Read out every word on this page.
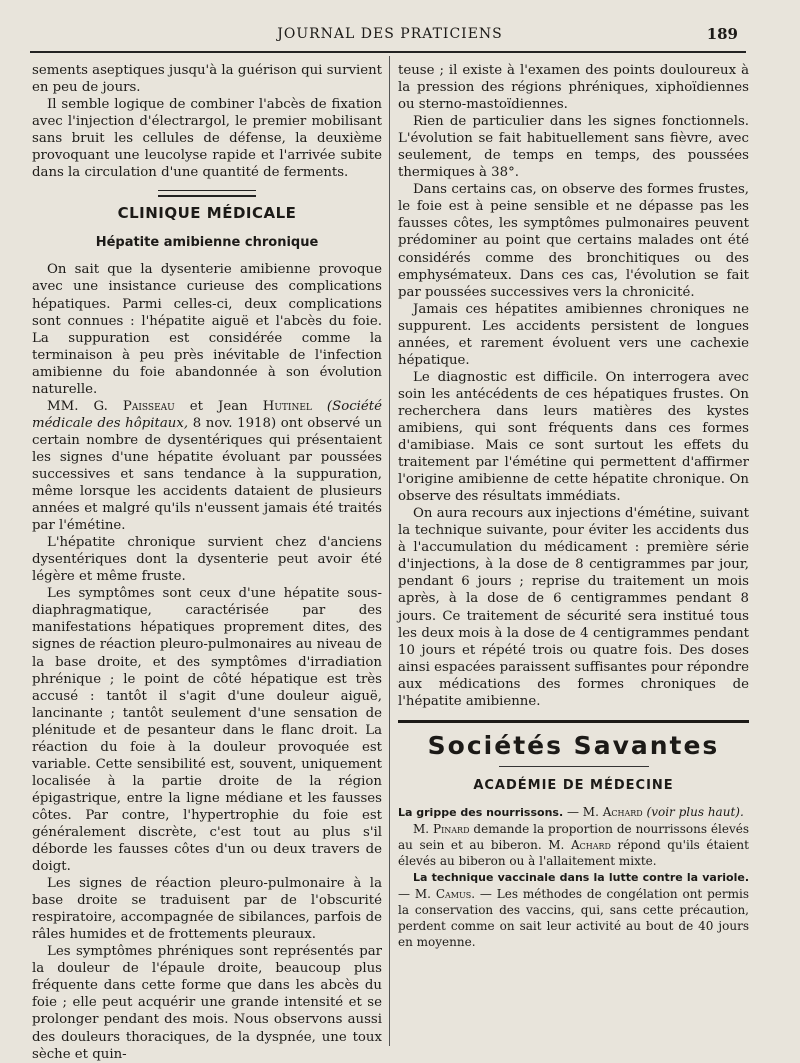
JOURNAL DES PRATICIENS	189

sements aseptiques jusqu'à la guérison qui survient en peu de jours.

Il semble logique de combiner l'abcès de fixation avec l'injection d'électrargol, le premier mobilisant sans bruit les cellules de défense, la deuxième provoquant une leucolyse rapide et l'arrivée subite dans la circulation d'une quantité de ferments.

CLINIQUE MÉDICALE
Hépatite amibienne chronique

On sait que la dysenterie amibienne provoque avec une insistance curieuse des complications hépatiques. Parmi celles-ci, deux complications sont connues : l'hépatite aiguë et l'abcès du foie. La suppuration est considérée comme la terminaison à peu près inévitable de l'infection amibienne du foie abandonnée à son évolution naturelle.

MM. G. Paisseau et Jean Hutinel (Société médicale des hôpitaux, 8 nov. 1918) ont observé un certain nombre de dysentériques qui présentaient les signes d'une hépatite évoluant par poussées successives et sans tendance à la suppuration, même lorsque les accidents dataient de plusieurs années et malgré qu'ils n'eussent jamais été traités par l'émétine.

L'hépatite chronique survient chez d'anciens dysentériques dont la dysenterie peut avoir été légère et même fruste.

Les symptômes sont ceux d'une hépatite sous-diaphragmatique, caractérisée par des manifestations hépatiques proprement dites, des signes de réaction pleuro-pulmonaires au niveau de la base droite, et des symptômes d'irradiation phrénique ; le point de côté hépatique est très accusé : tantôt il s'agit d'une douleur aiguë, lancinante ; tantôt seulement d'une sensation de plénitude et de pesanteur dans le flanc droit. La réaction du foie à la douleur provoquée est variable. Cette sensibilité est, souvent, uniquement localisée à la partie droite de la région épigastrique, entre la ligne médiane et les fausses côtes. Par contre, l'hypertrophie du foie est généralement discrète, c'est tout au plus s'il déborde les fausses côtes d'un ou deux travers de doigt.

Les signes de réaction pleuro-pulmonaire à la base droite se traduisent par de l'obscurité respiratoire, accompagnée de sibilances, parfois de râles humides et de frottements pleuraux.

Les symptômes phréniques sont représentés par la douleur de l'épaule droite, beaucoup plus fréquente dans cette forme que dans les abcès du foie ; elle peut acquérir une grande intensité et se prolonger pendant des mois. Nous observons aussi des douleurs thoraciques, de la dyspnée, une toux sèche et quin-

teuse ; il existe à l'examen des points douloureux à la pression des régions phréniques, xiphoïdiennes ou sterno-mastoïdiennes.

Rien de particulier dans les signes fonctionnels. L'évolution se fait habituellement sans fièvre, avec seulement, de temps en temps, des poussées thermiques à 38°.

Dans certains cas, on observe des formes frustes, le foie est à peine sensible et ne dépasse pas les fausses côtes, les symptômes pulmonaires peuvent prédominer au point que certains malades ont été considérés comme des bronchitiques ou des emphysémateux. Dans ces cas, l'évolution se fait par poussées successives vers la chronicité.

Jamais ces hépatites amibiennes chroniques ne suppurent. Les accidents persistent de longues années, et rarement évoluent vers une cachexie hépatique.

Le diagnostic est difficile. On interrogera avec soin les antécédents de ces hépatiques frustes. On recherchera dans leurs matières des kystes amibiens, qui sont fréquents dans ces formes d'amibiase. Mais ce sont surtout les effets du traitement par l'émétine qui permettent d'affirmer l'origine amibienne de cette hépatite chronique. On observe des résultats immédiats.

On aura recours aux injections d'émétine, suivant la technique suivante, pour éviter les accidents dus à l'accumulation du médicament : première série d'injections, à la dose de 8 centigrammes par jour, pendant 6 jours ; reprise du traitement un mois après, à la dose de 6 centigrammes pendant 8 jours. Ce traitement de sécurité sera institué tous les deux mois à la dose de 4 centigrammes pendant 10 jours et répété trois ou quatre fois. Des doses ainsi espacées paraissent suffisantes pour répondre aux médications des formes chroniques de l'hépatite amibienne.

Sociétés Savantes
ACADÉMIE DE MÉDECINE

La grippe des nourrissons. — M. Achard (voir plus haut).

M. Pinard demande la proportion de nourrissons élevés au sein et au biberon. M. Achard répond qu'ils étaient élevés au biberon ou à l'allaitement mixte.

La technique vaccinale dans la lutte contre la variole. — M. Camus. — Les méthodes de congélation ont permis la conservation des vaccins, qui, sans cette précaution, perdent comme on sait leur activité au bout de 40 jours en moyenne.
